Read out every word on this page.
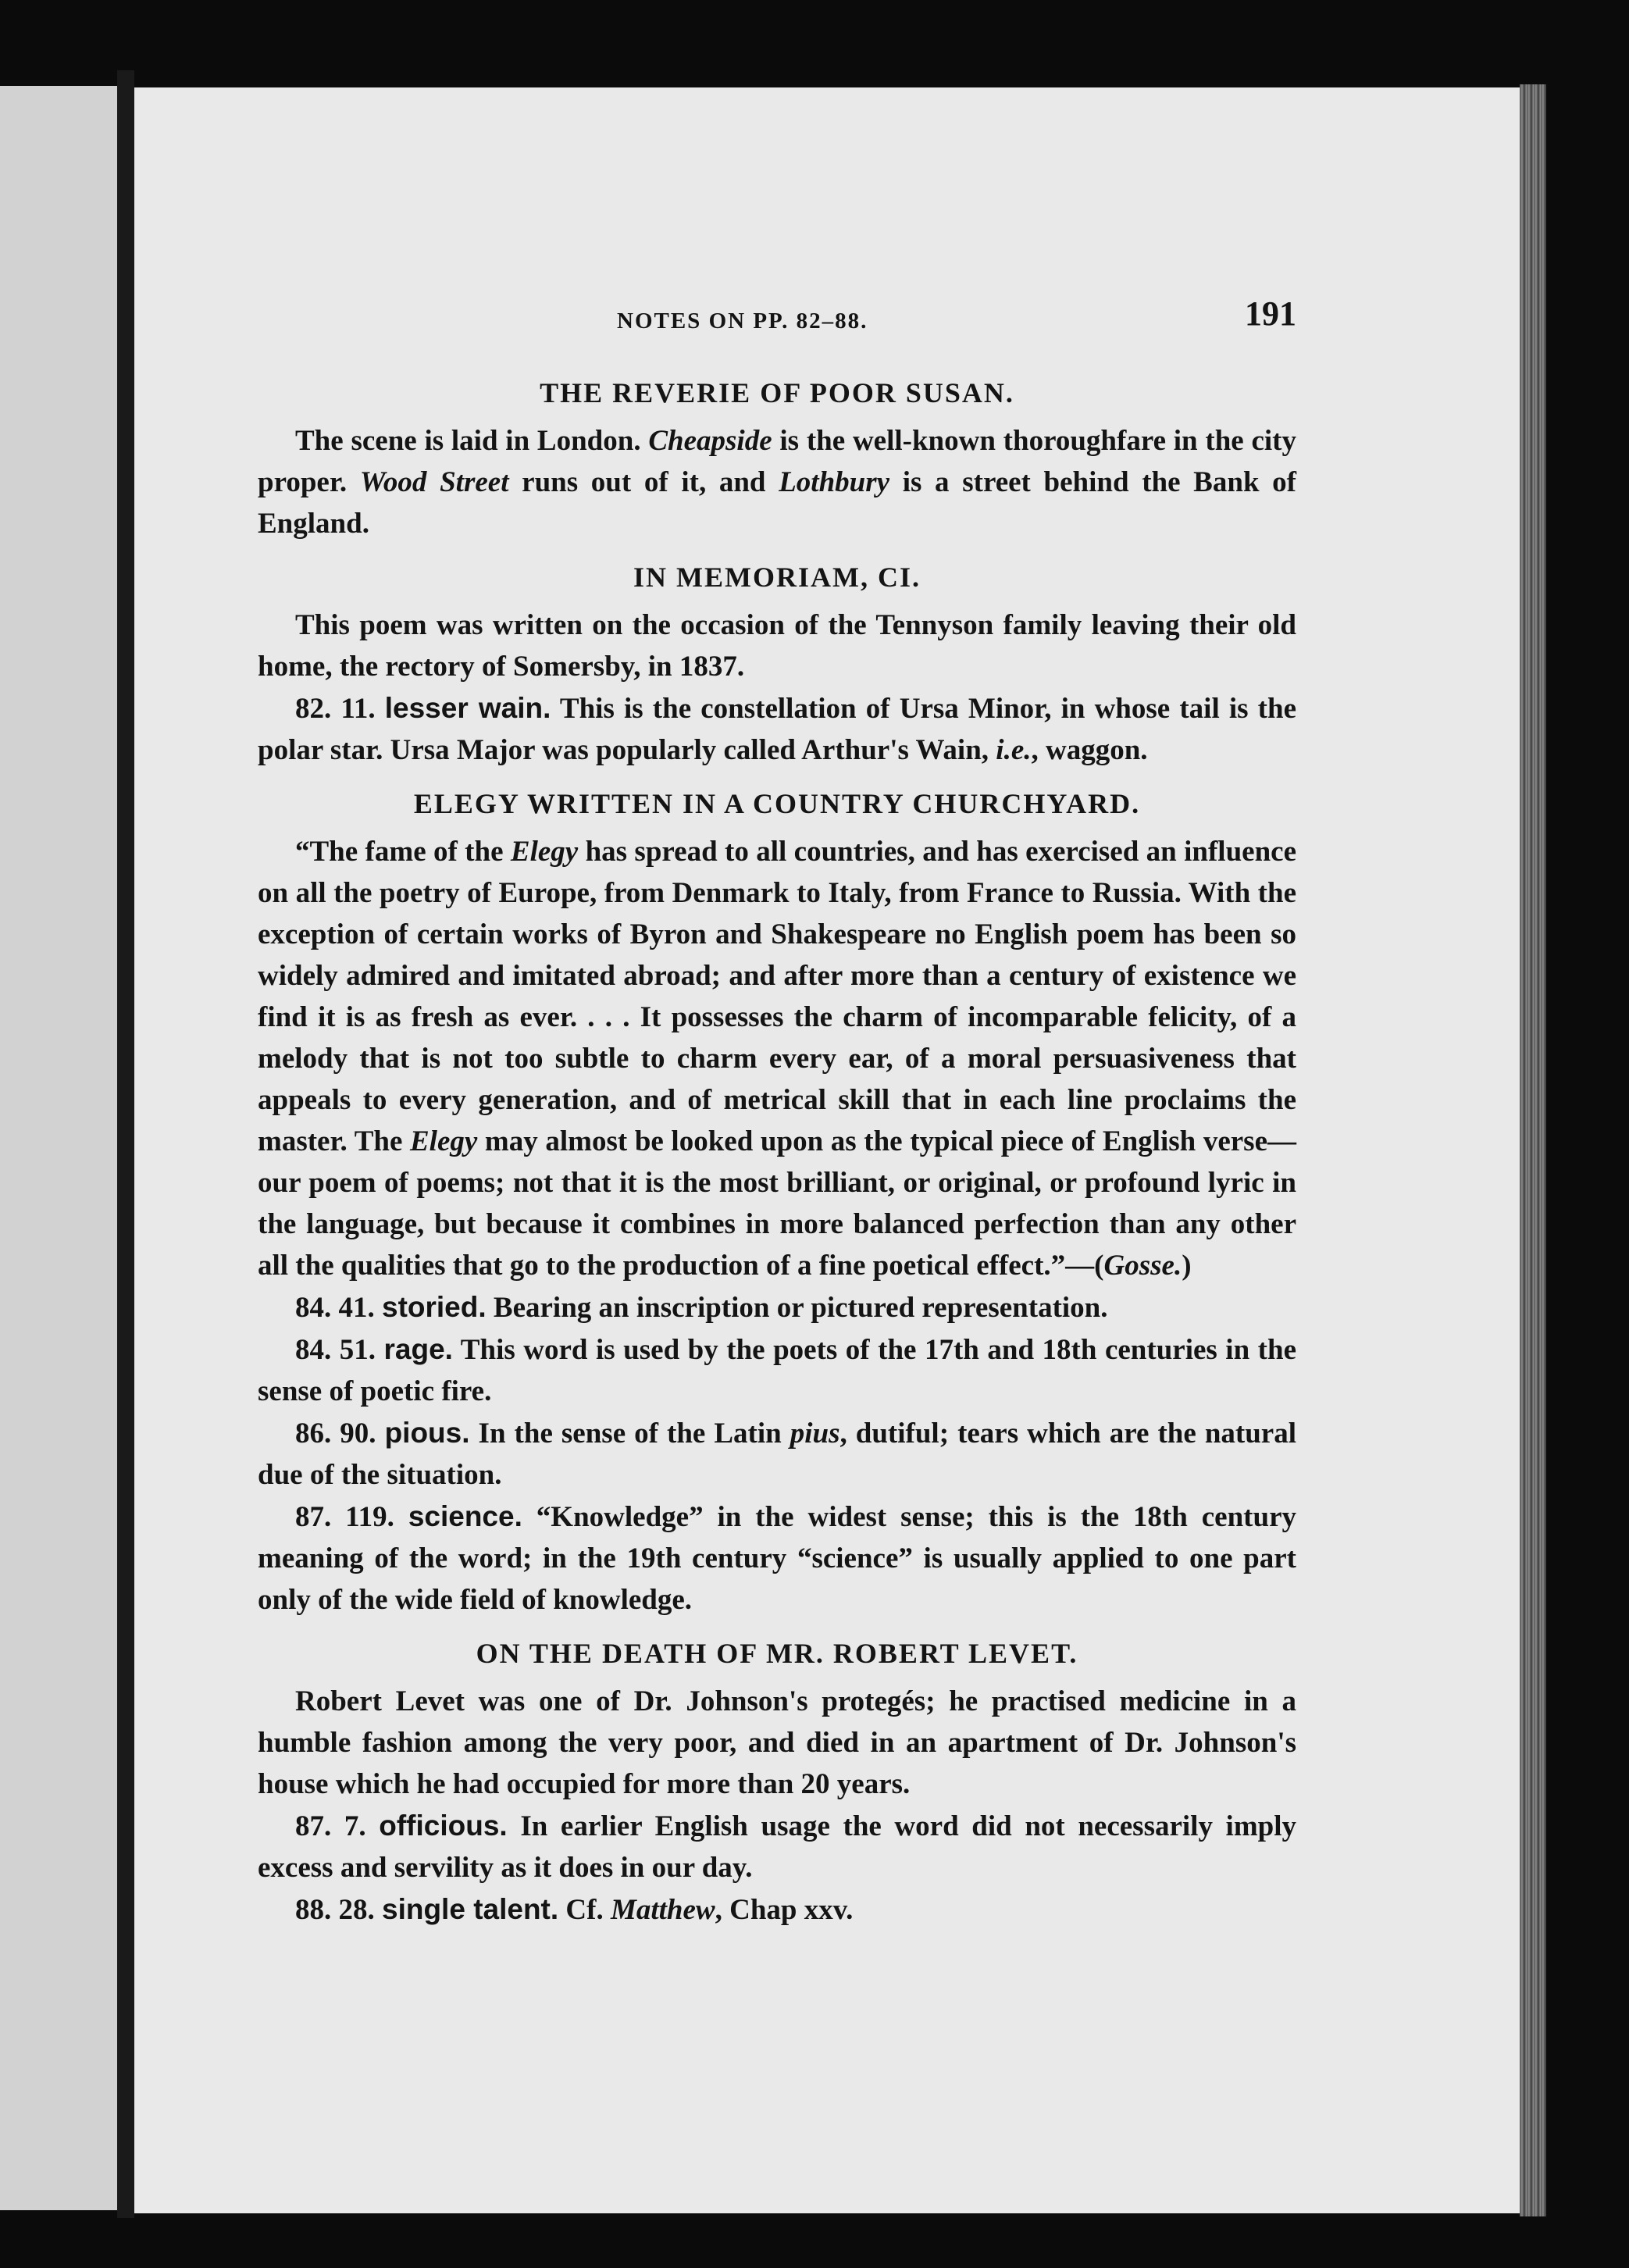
NOTES ON PP. 82–88.	191
THE REVERIE OF POOR SUSAN.

The scene is laid in London. Cheapside is the well-known thoroughfare in the city proper. Wood Street runs out of it, and Lothbury is a street behind the Bank of England.

IN MEMORIAM, CI.

This poem was written on the occasion of the Tennyson family leaving their old home, the rectory of Somersby, in 1837.

82. 11. lesser wain. This is the constellation of Ursa Minor, in whose tail is the polar star. Ursa Major was popularly called Arthur's Wain, i.e., waggon.

ELEGY WRITTEN IN A COUNTRY CHURCHYARD.

“The fame of the Elegy has spread to all countries, and has exercised an influence on all the poetry of Europe, from Denmark to Italy, from France to Russia. With the exception of certain works of Byron and Shakespeare no English poem has been so widely admired and imitated abroad; and after more than a century of existence we find it is as fresh as ever. . . . It possesses the charm of incomparable felicity, of a melody that is not too subtle to charm every ear, of a moral persuasiveness that appeals to every generation, and of metrical skill that in each line proclaims the master. The Elegy may almost be looked upon as the typical piece of English verse—our poem of poems; not that it is the most brilliant, or original, or profound lyric in the language, but because it combines in more balanced perfection than any other all the qualities that go to the production of a fine poetical effect.”—(Gosse.)

84. 41. storied. Bearing an inscription or pictured representation.

84. 51. rage. This word is used by the poets of the 17th and 18th centuries in the sense of poetic fire.

86. 90. pious. In the sense of the Latin pius, dutiful; tears which are the natural due of the situation.

87. 119. science. “Knowledge” in the widest sense; this is the 18th century meaning of the word; in the 19th century “science” is usually applied to one part only of the wide field of knowledge.

ON THE DEATH OF MR. ROBERT LEVET.

Robert Levet was one of Dr. Johnson's protegés; he practised medicine in a humble fashion among the very poor, and died in an apartment of Dr. Johnson's house which he had occupied for more than 20 years.

87. 7. officious. In earlier English usage the word did not necessarily imply excess and servility as it does in our day.

88. 28. single talent. Cf. Matthew, Chap xxv.
